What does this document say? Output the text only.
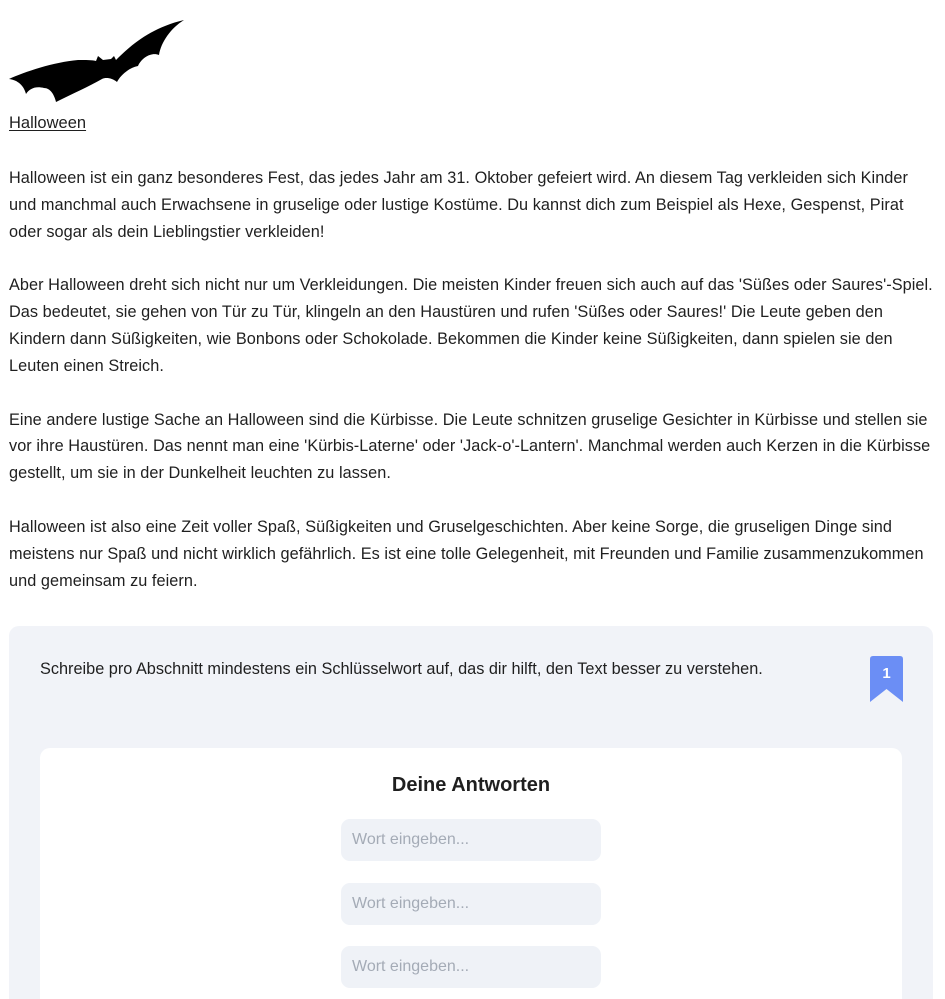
Halloween

Halloween ist ein ganz besonderes Fest, das jedes Jahr am 31. Oktober gefeiert wird. An diesem Tag verkleiden sich Kinder und manchmal auch Erwachsene in gruselige oder lustige Kostüme. Du kannst dich zum Beispiel als Hexe, Gespenst, Pirat oder sogar als dein Lieblingstier verkleiden!

Aber Halloween dreht sich nicht nur um Verkleidungen. Die meisten Kinder freuen sich auch auf das 'Süßes oder Saures'-Spiel. Das bedeutet, sie gehen von Tür zu Tür, klingeln an den Haustüren und rufen 'Süßes oder Saures!' Die Leute geben den Kindern dann Süßigkeiten, wie Bonbons oder Schokolade. Bekommen die Kinder keine Süßigkeiten, dann spielen sie den Leuten einen Streich.

Eine andere lustige Sache an Halloween sind die Kürbisse. Die Leute schnitzen gruselige Gesichter in Kürbisse und stellen sie vor ihre Haustüren. Das nennt man eine 'Kürbis-Laterne' oder 'Jack-o'-Lantern'. Manchmal werden auch Kerzen in die Kürbisse gestellt, um sie in der Dunkelheit leuchten zu lassen.

Halloween ist also eine Zeit voller Spaß, Süßigkeiten und Gruselgeschichten. Aber keine Sorge, die gruseligen Dinge sind meistens nur Spaß und nicht wirklich gefährlich. Es ist eine tolle Gelegenheit, mit Freunden und Familie zusammenzukommen und gemeinsam zu feiern.

Schreibe pro Abschnitt mindestens ein Schlüsselwort auf, das dir hilft, den Text besser zu verstehen.	1
Deine Antworten
Wort eingeben...
Wort eingeben...
Wort eingeben...
